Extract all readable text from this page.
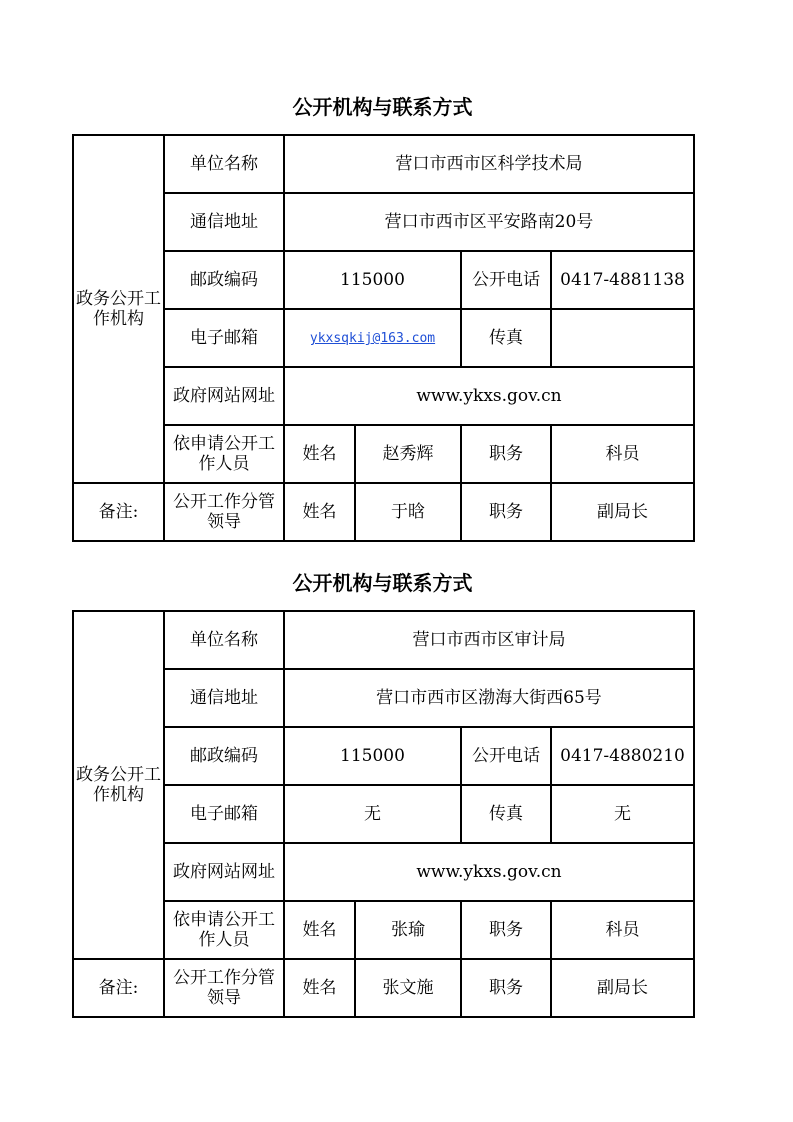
公开机构与联系方式
政务公开工作机构	单位名称	营口市西市区科学技术局			
	通信地址	营口市西市区平安路南20号			
	邮政编码	115000		公开电话	0417-4881138
	电子邮箱	ykxsqkij@163.com		传真	
	政府网站网址	www.ykxs.gov.cn			
	依申请公开工作人员	姓名	赵秀辉	职务	科员
备注:	公开工作分管领导	姓名	于晗	职务	副局长
公开机构与联系方式
政务公开工作机构	单位名称	营口市西市区审计局			
	通信地址	营口市西市区渤海大街西65号			
	邮政编码	115000		公开电话	0417-4880210
	电子邮箱	无		传真	无
	政府网站网址	www.ykxs.gov.cn			
	依申请公开工作人员	姓名	张瑜	职务	科员
备注:	公开工作分管领导	姓名	张文施	职务	副局长
